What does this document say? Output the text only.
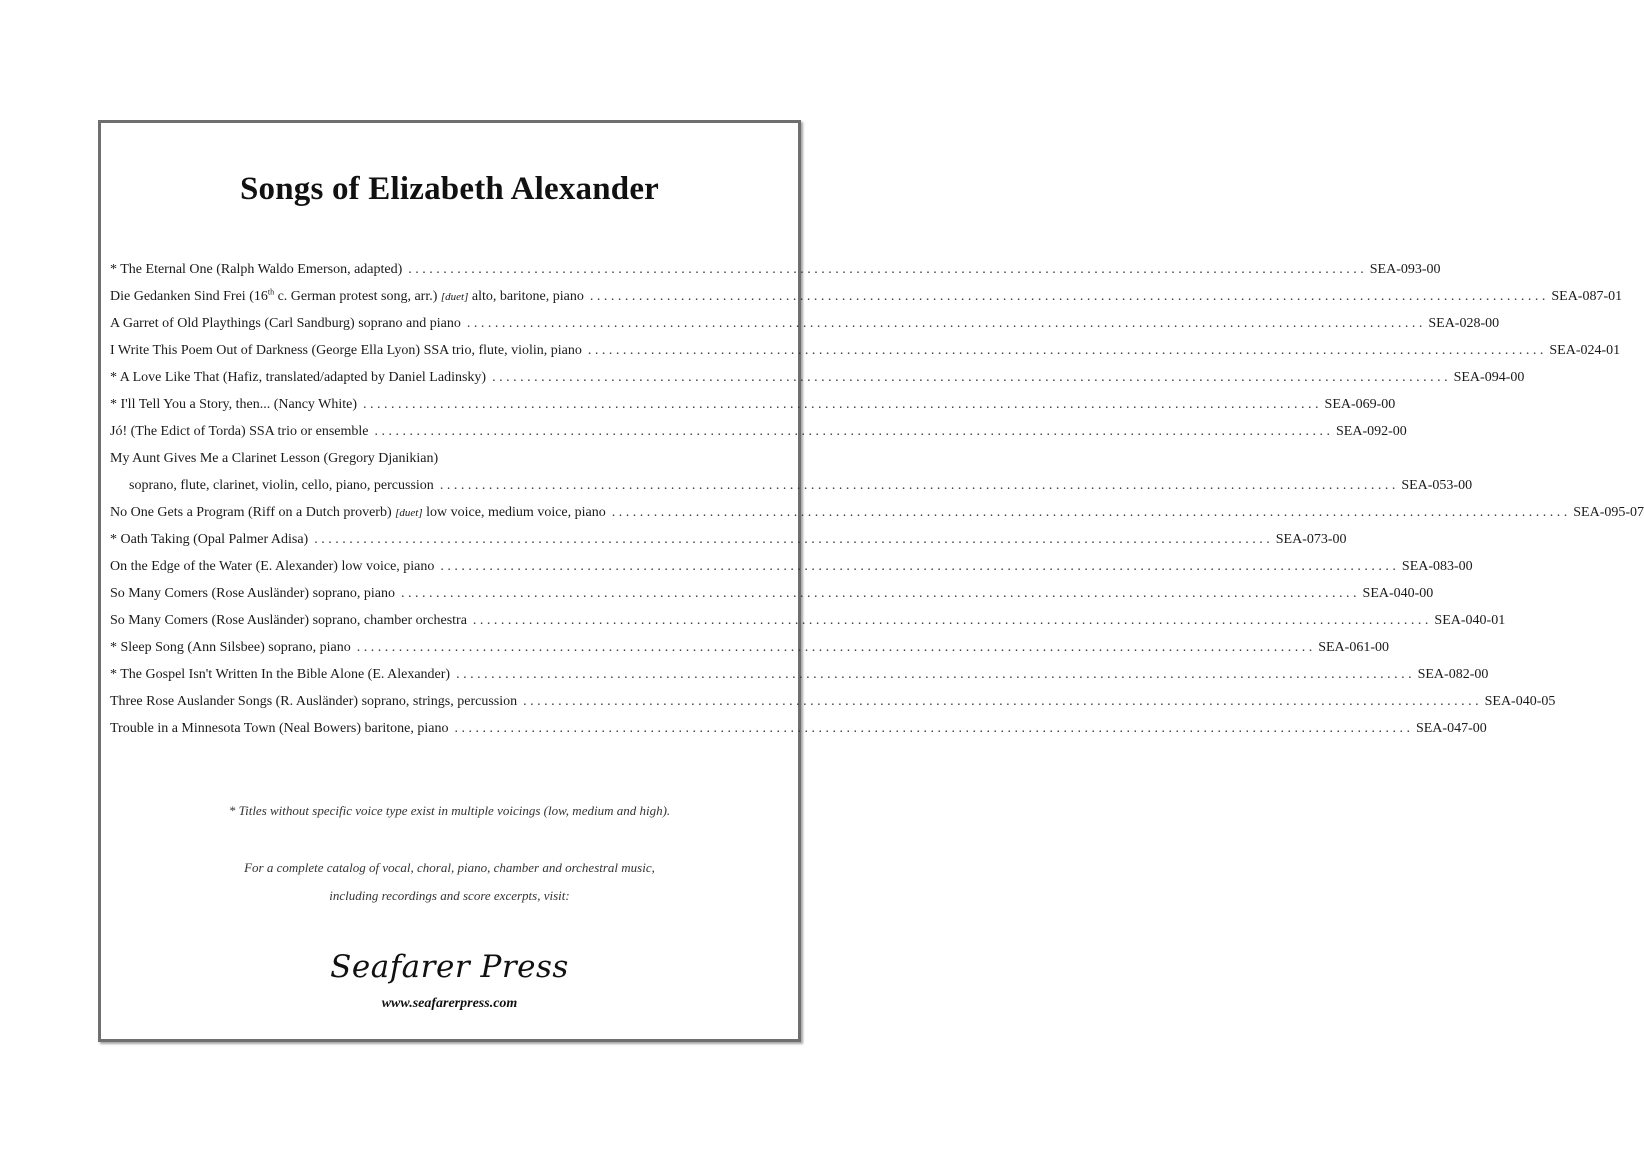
Songs of Elizabeth Alexander
* The Eternal One (Ralph Waldo Emerson, adapted) . . .	SEA-093-00
Die Gedanken Sind Frei (16th c. German protest song, arr.) [duet] alto, baritone, piano . . .	SEA-087-01
A Garret of Old Playthings (Carl Sandburg) soprano and piano . . .	SEA-028-00
I Write This Poem Out of Darkness (George Ella Lyon) SSA trio, flute, violin, piano . . .	SEA-024-01
* A Love Like That (Hafiz, translated/adapted by Daniel Ladinsky) . . .	SEA-094-00
* I'll Tell You a Story, then... (Nancy White) . . .	SEA-069-00
Jó! (The Edict of Torda) SSA trio or ensemble . . .	SEA-092-00
My Aunt Gives Me a Clarinet Lesson (Gregory Djanikian)
soprano, flute, clarinet, violin, cello, piano, percussion . . .	SEA-053-00
No One Gets a Program (Riff on a Dutch proverb) [duet] low voice, medium voice, piano . . .	SEA-095-07
* Oath Taking (Opal Palmer Adisa) . . .	SEA-073-00
On the Edge of the Water (E. Alexander) low voice, piano . . .	SEA-083-00
So Many Comers (Rose Ausländer) soprano, piano . . .	SEA-040-00
So Many Comers (Rose Ausländer) soprano, chamber orchestra . . .	SEA-040-01
* Sleep Song (Ann Silsbee) soprano, piano . . .	SEA-061-00
* The Gospel Isn't Written In the Bible Alone (E. Alexander) . . .	SEA-082-00
Three Rose Auslander Songs (R. Ausländer) soprano, strings, percussion . . .	SEA-040-05
Trouble in a Minnesota Town (Neal Bowers) baritone, piano . . .	SEA-047-00
* Titles without specific voice type exist in multiple voicings (low, medium and high).
For a complete catalog of vocal, choral, piano, chamber and orchestral music,
including recordings and score excerpts, visit:
Seafarer Press
www.seafarerpress.com
